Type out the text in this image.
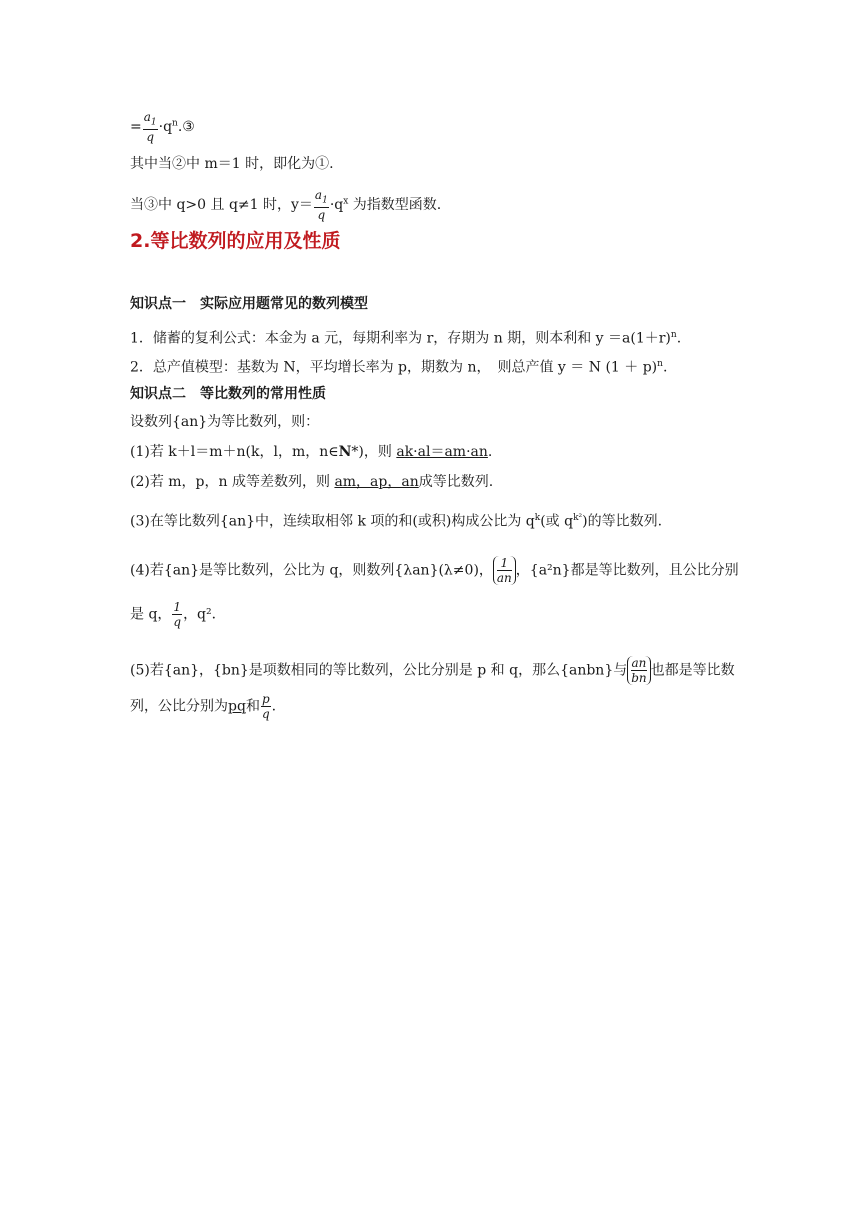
= $\frac{a_1}{q}$ $\cdot q^n.③$
其中当②中 m＝1 时，即化为①.
当③中 q>0 且 q≠1 时，$y= \frac{a_1}{q} \cdot q^x$ 为指数型函数.
2.等比数列的应用及性质
知识点一　实际应用题常见的数列模型
1．储蓄的复利公式：本金为 a 元，每期利率为 r，存期为 n 期，则本利和 $y =a(1+r)^n$.
2．总产值模型：基数为 N，平均增长率为 p，期数为 n，　则总产值 y ＝ N $(1 + p)^n$.
知识点二　等比数列的常用性质
设数列{an}为等比数列，则：
(1)若 k＋l＝m＋n(k，l，m，n∈N*)，则 ak·al＝am·an.
(2)若 m，p，n 成等差数列，则 am，ap，an成等比数列.
(3)在等比数列{an}中，连续取相邻 k 项的和(或积)构成公比为 $q^k$(或 $q^{k^2}$)的等比数列.
(4)若{an}是等比数列，公比为 q，则数列{λan}(λ≠0)， $\frac{1}{an}$ ，{a²n}都是等比数列，且公比分别
是 q， $\frac{1}{q}$ ，q²．
(5)若{an}，{bn}是项数相同的等比数列，公比分别是 p 和 q，那么{anbn}与 $\frac{an}{bn}$ 也都是等比数
列，公比分别为pq和 $\frac{p}{q}$ .
